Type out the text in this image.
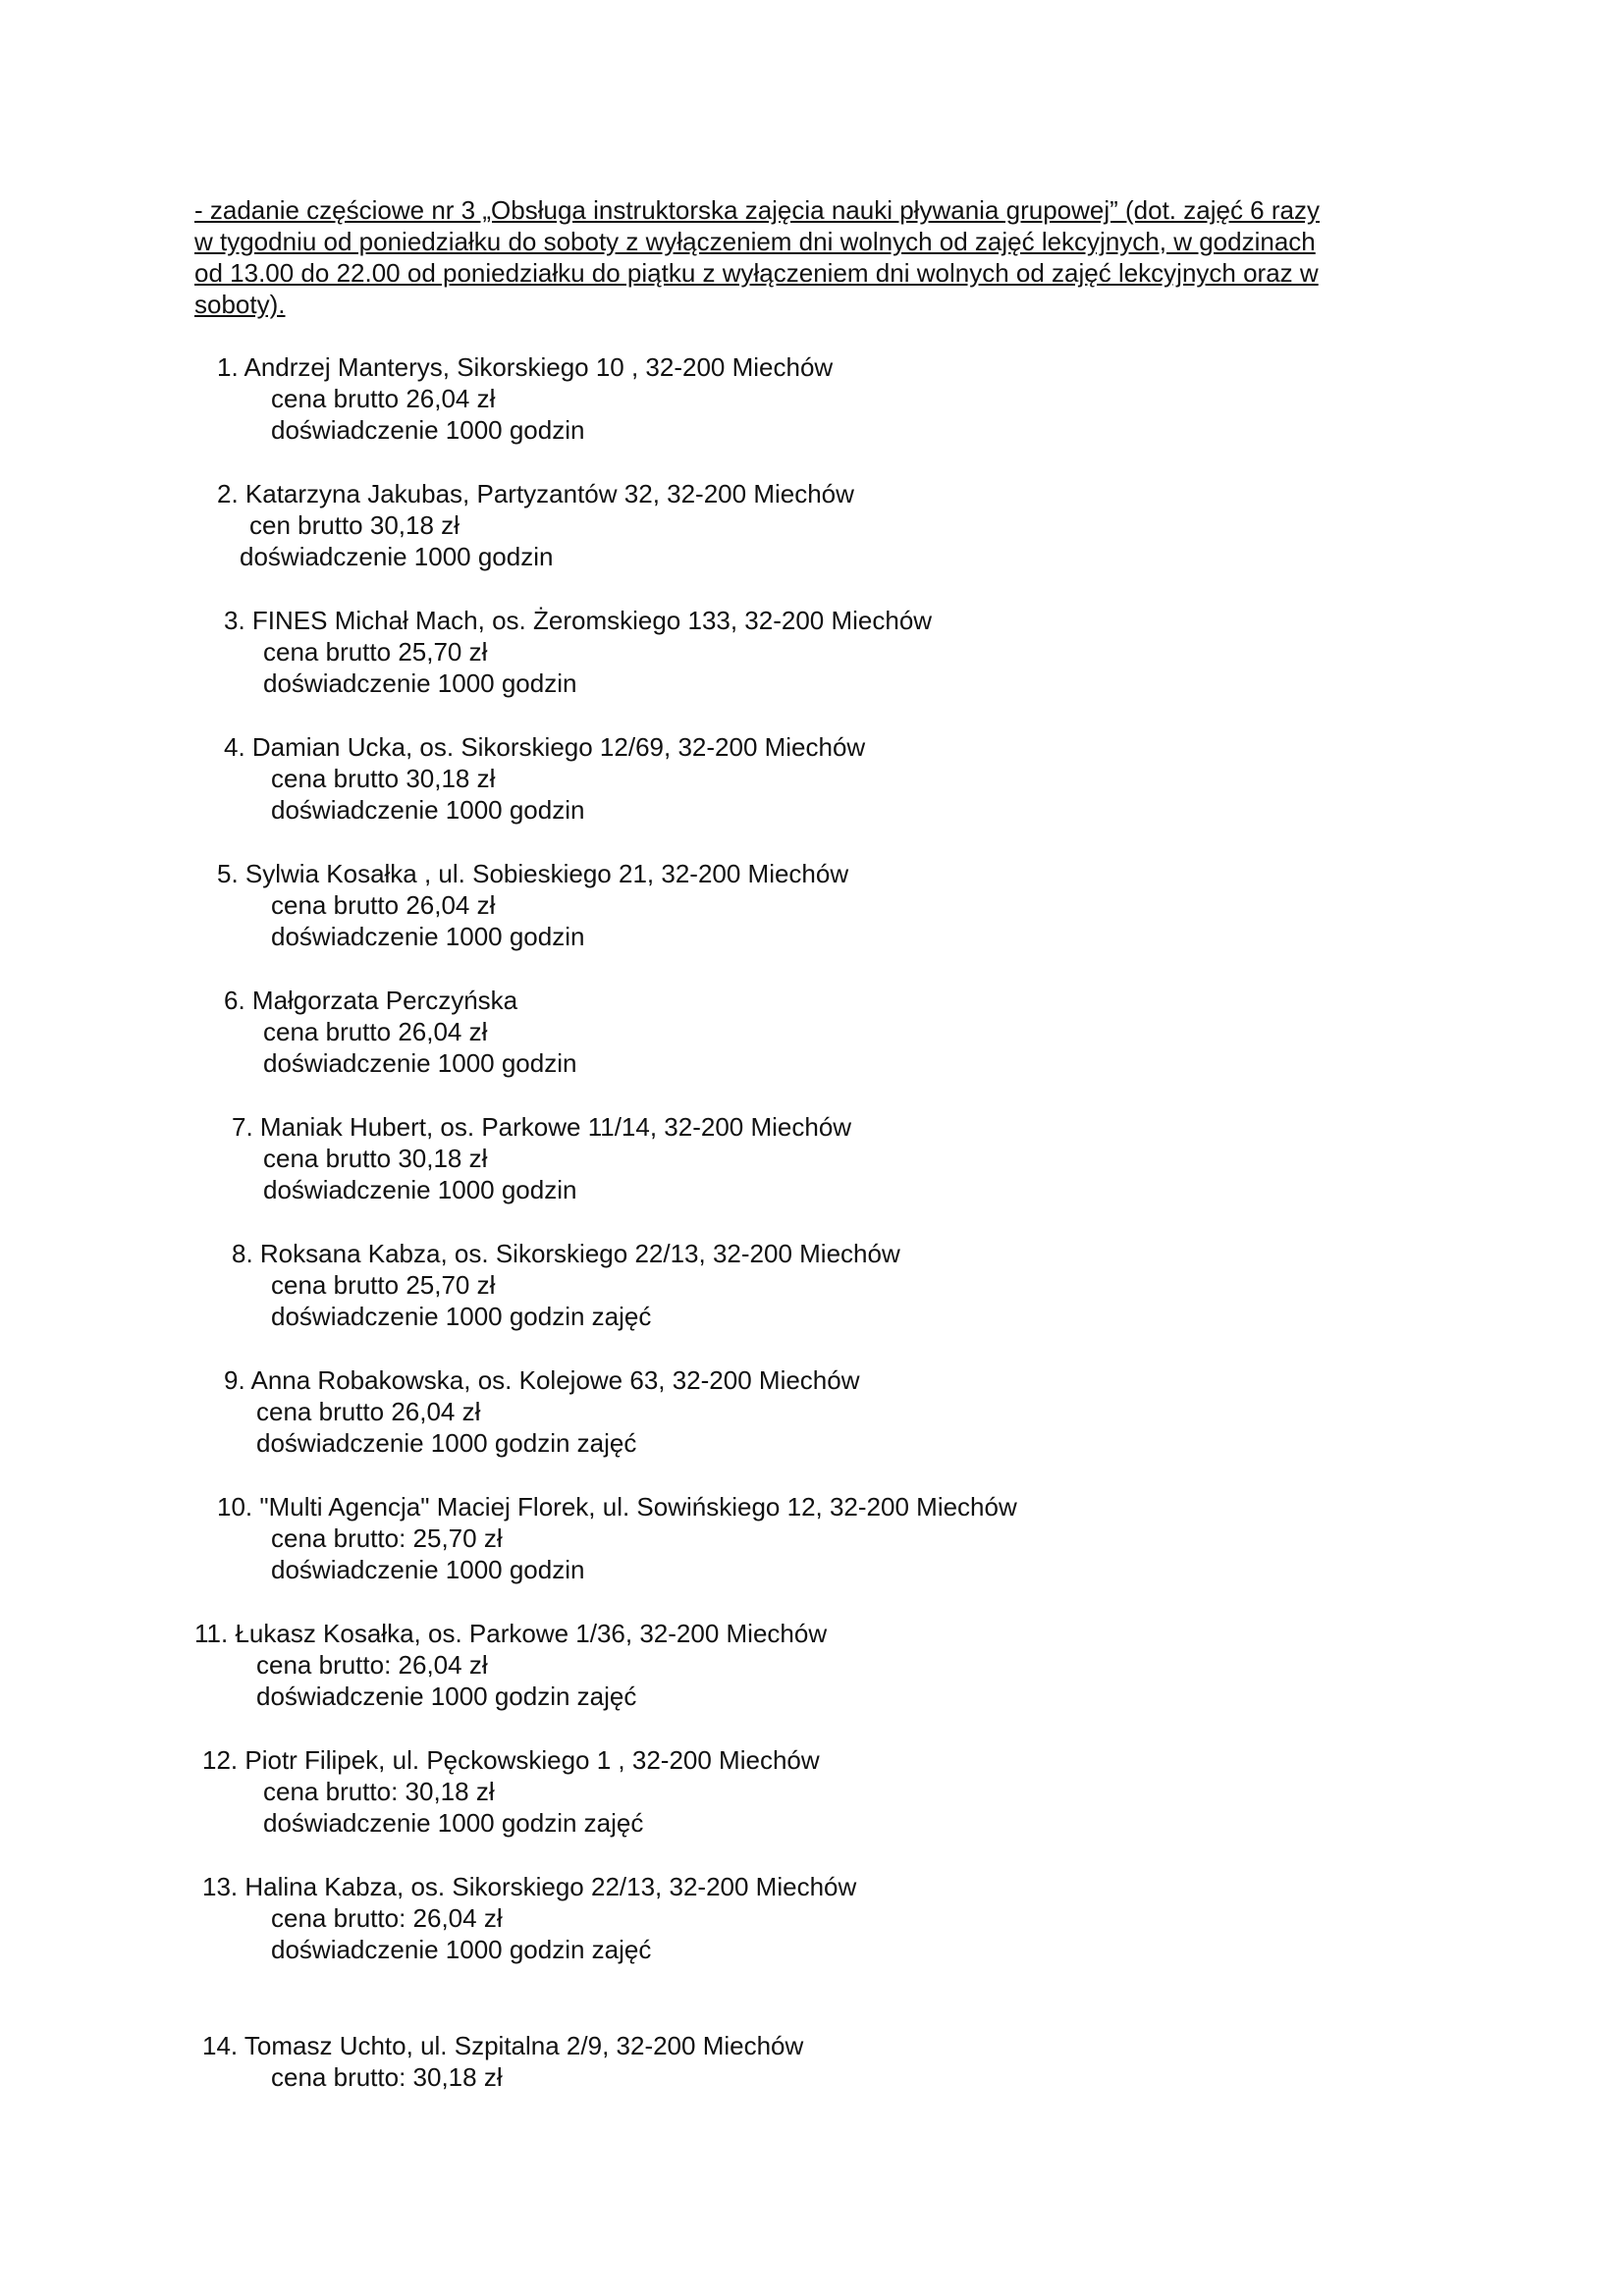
- zadanie częściowe nr 3 „Obsługa instruktorska zajęcia nauki pływania grupowej” (dot. zajęć 6 razy
w tygodniu od poniedziałku do soboty z wyłączeniem dni wolnych od zajęć lekcyjnych, w godzinach
od 13.00 do 22.00 od poniedziałku do piątku z wyłączeniem dni wolnych od zajęć lekcyjnych oraz w
soboty).
1. Andrzej Manterys, Sikorskiego 10 , 32-200 Miechów
cena brutto 26,04 zł
doświadczenie 1000 godzin
2. Katarzyna Jakubas, Partyzantów 32, 32-200 Miechów
cen brutto 30,18 zł
doświadczenie 1000 godzin
3. FINES Michał Mach, os. Żeromskiego 133, 32-200 Miechów
cena brutto 25,70 zł
doświadczenie 1000 godzin
4. Damian Ucka, os. Sikorskiego 12/69, 32-200 Miechów
cena brutto 30,18 zł
doświadczenie 1000 godzin
5. Sylwia Kosałka , ul. Sobieskiego 21, 32-200 Miechów
cena brutto 26,04 zł
doświadczenie 1000 godzin
6. Małgorzata Perczyńska
cena brutto 26,04 zł
doświadczenie 1000 godzin
7. Maniak Hubert, os. Parkowe 11/14, 32-200 Miechów
cena brutto 30,18 zł
doświadczenie 1000 godzin
8. Roksana Kabza, os. Sikorskiego 22/13, 32-200 Miechów
cena brutto 25,70 zł
doświadczenie 1000 godzin zajęć
9. Anna Robakowska, os. Kolejowe 63, 32-200 Miechów
cena brutto 26,04 zł
doświadczenie 1000 godzin zajęć
10. "Multi Agencja" Maciej Florek, ul. Sowińskiego 12, 32-200 Miechów
cena brutto: 25,70 zł
doświadczenie 1000 godzin
11. Łukasz Kosałka, os. Parkowe 1/36, 32-200 Miechów
cena brutto: 26,04 zł
doświadczenie 1000 godzin zajęć
12. Piotr Filipek, ul. Pęckowskiego 1 , 32-200 Miechów
cena brutto: 30,18 zł
doświadczenie 1000 godzin zajęć
13. Halina Kabza, os. Sikorskiego 22/13, 32-200 Miechów
cena brutto: 26,04 zł
doświadczenie 1000 godzin zajęć
14. Tomasz Uchto, ul. Szpitalna 2/9, 32-200 Miechów
cena brutto: 30,18 zł
